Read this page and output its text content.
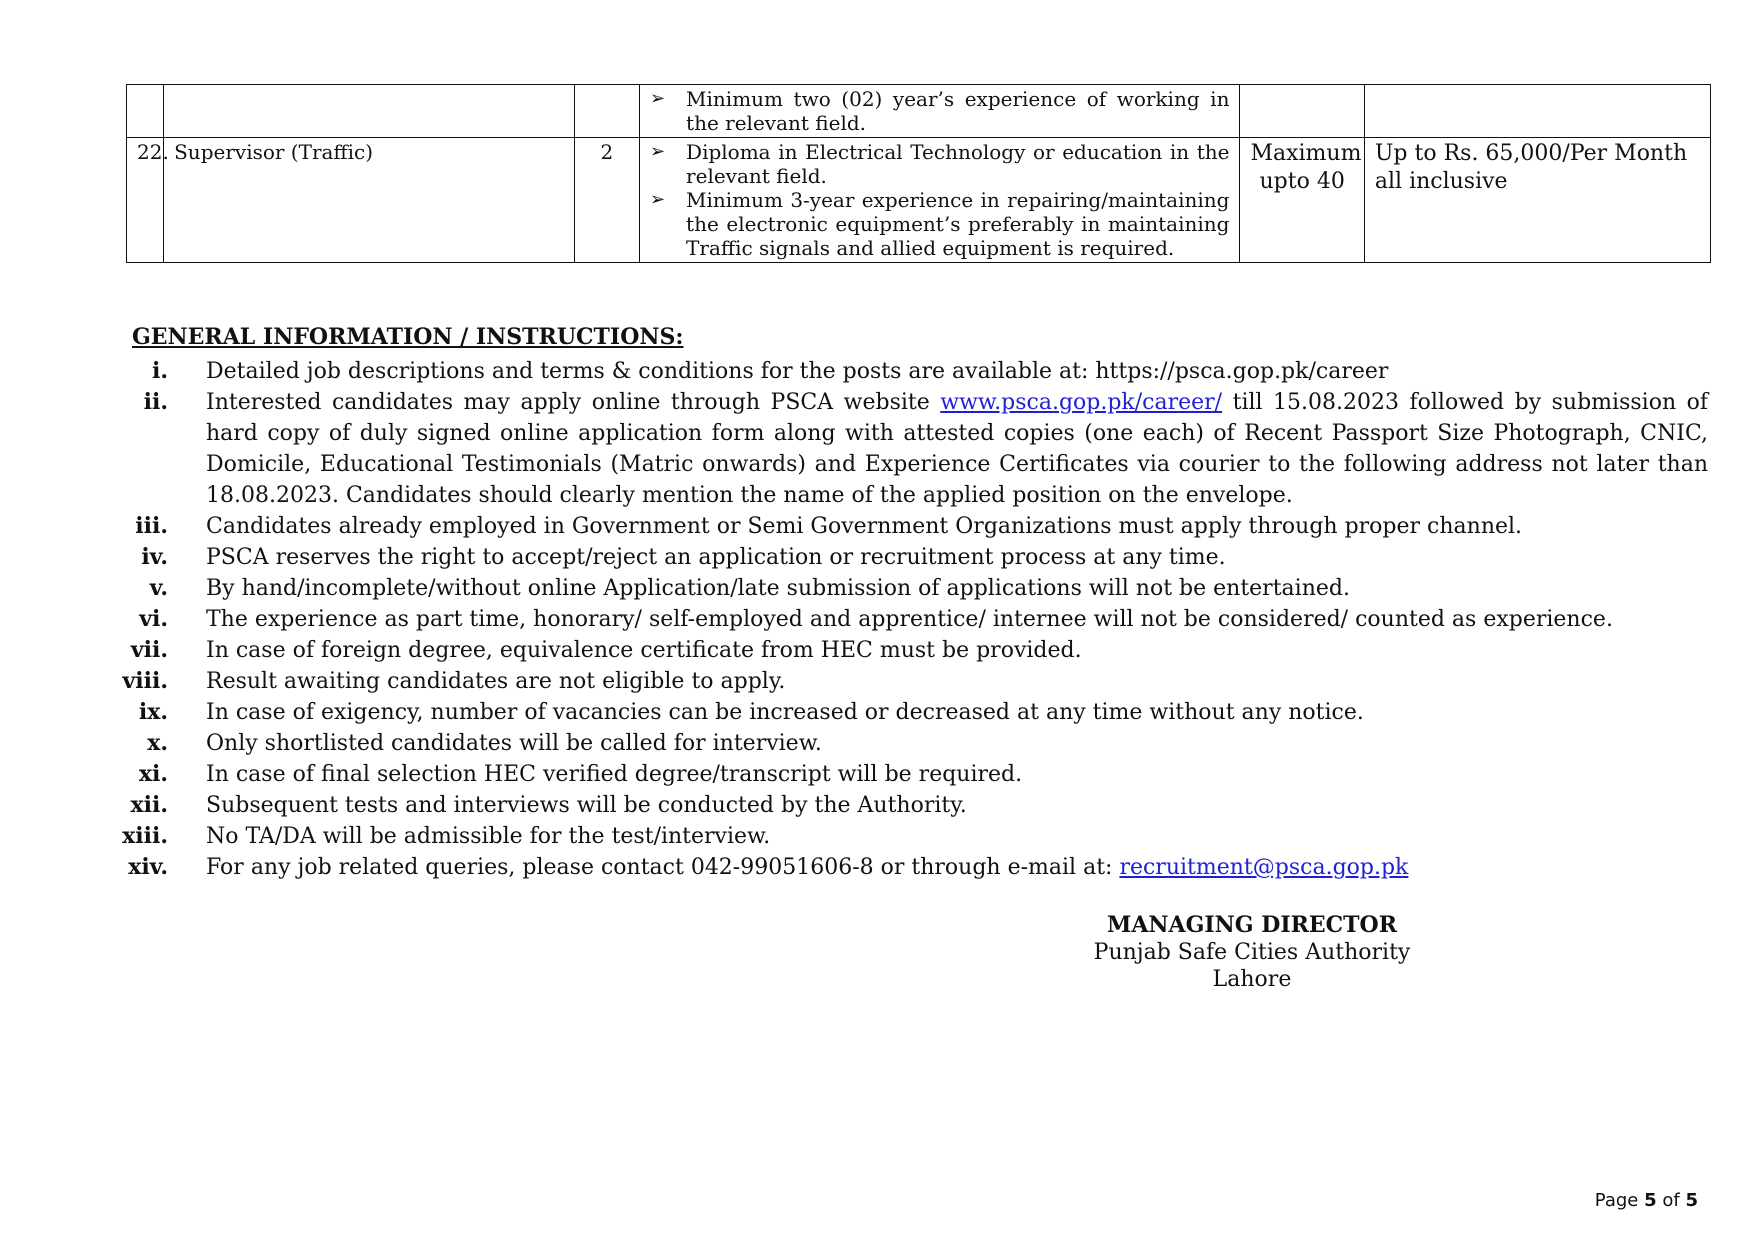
			➢ Minimum two (02) year’s experience of working in the relevant field.		

22.	Supervisor (Traffic)	2	➢ Diploma in Electrical Technology or education in the relevant field.
➢ Minimum 3-year experience in repairing/maintaining the electronic equipment’s preferably in maintaining Traffic signals and allied equipment is required.	Maximum upto 40	Up to Rs. 65,000/Per Month all inclusive
GENERAL INFORMATION / INSTRUCTIONS:
i. Detailed job descriptions and terms & conditions for the posts are available at: https://psca.gop.pk/career
ii. Interested candidates may apply online through PSCA website www.psca.gop.pk/career/ till 15.08.2023 followed by submission of hard copy of duly signed online application form along with attested copies (one each) of Recent Passport Size Photograph, CNIC, Domicile, Educational Testimonials (Matric onwards) and Experience Certificates via courier to the following address not later than 18.08.2023. Candidates should clearly mention the name of the applied position on the envelope.
iii. Candidates already employed in Government or Semi Government Organizations must apply through proper channel.
iv. PSCA reserves the right to accept/reject an application or recruitment process at any time.
v. By hand/incomplete/without online Application/late submission of applications will not be entertained.
vi. The experience as part time, honorary/ self-employed and apprentice/ internee will not be considered/ counted as experience.
vii. In case of foreign degree, equivalence certificate from HEC must be provided.
viii. Result awaiting candidates are not eligible to apply.
ix. In case of exigency, number of vacancies can be increased or decreased at any time without any notice.
x. Only shortlisted candidates will be called for interview.
xi. In case of final selection HEC verified degree/transcript will be required.
xii. Subsequent tests and interviews will be conducted by the Authority.
xiii. No TA/DA will be admissible for the test/interview.
xiv. For any job related queries, please contact 042-99051606-8 or through e-mail at: recruitment@psca.gop.pk
MANAGING DIRECTOR
Punjab Safe Cities Authority
Lahore
Page 5 of 5
